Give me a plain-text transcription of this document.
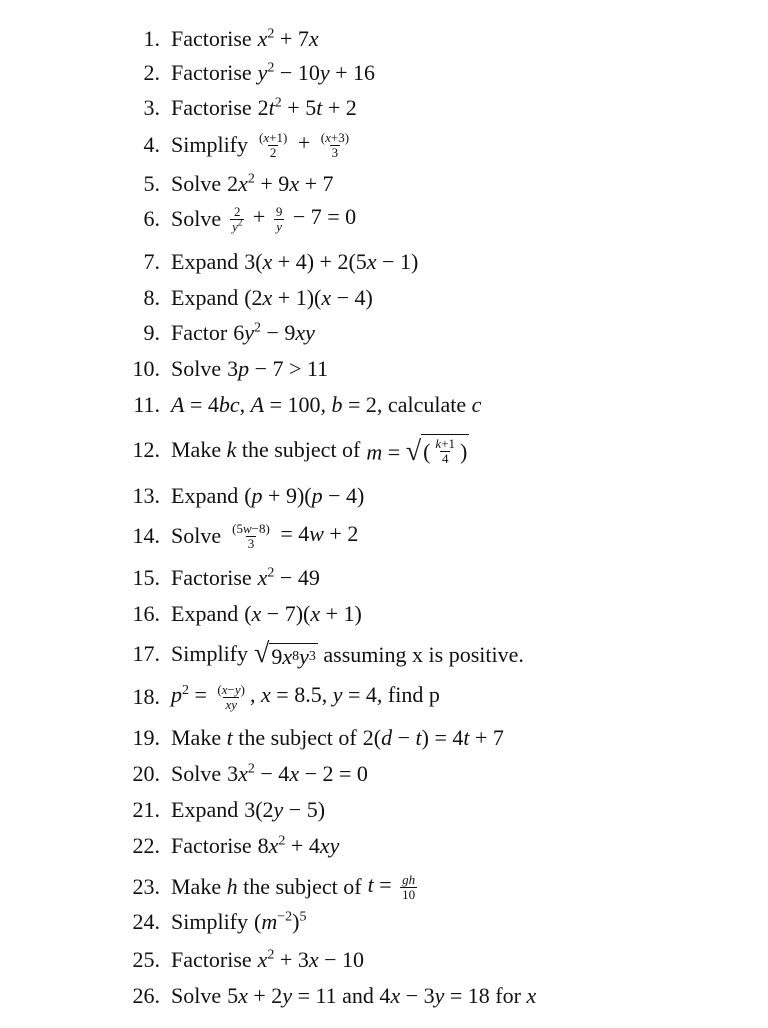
1. Factorise $x^2 + 7x$
2. Factorise $y^2 - 10y + 16$
3. Factorise $2t^2 + 5t + 2$
4. Simplify $\frac{(x+1)}{2} + \frac{(x+3)}{3}$
5. Solve $2x^2 + 9x + 7$
6. Solve $\frac{2}{y^2} + \frac{9}{y} - 7 = 0$
7. Expand 3(x + 4) + 2(5x − 1)
8. Expand (2x + 1)(x − 4)
9. Factor $6y^2 - 9xy$
10. Solve 3p − 7 > 11
11. A = 4bc, A = 100, b = 2, calculate c
12. Make k the subject of m = √ ( $\frac{k+1}{4}$ )
13. Expand (p + 9)(p − 4)
14. Solve $\frac{(5w-8)}{3} = 4w + 2$
15. Factorise $x^2 - 49$
16. Expand (x − 7)(x + 1)
17. Simplify √ 9 x 8 y 3 assuming x is positive.
18. $p^2 = \frac{(x-y)}{xy}$ , x = 8.5, y = 4, find p
19. Make t the subject of 2(d − t) = 4t + 7
20. Solve $3x^2 - 4x - 2 = 0$
21. Expand 3(2y − 5)
22. Factorise $8x^2 + 4xy$
23. Make h the subject of $t = \frac{gh}{10}$
24. Simplify $(m^{-2})^5$
25. Factorise $x^2 + 3x - 10$
26. Solve 5x + 2y = 11 and 4x − 3y = 18 for x
